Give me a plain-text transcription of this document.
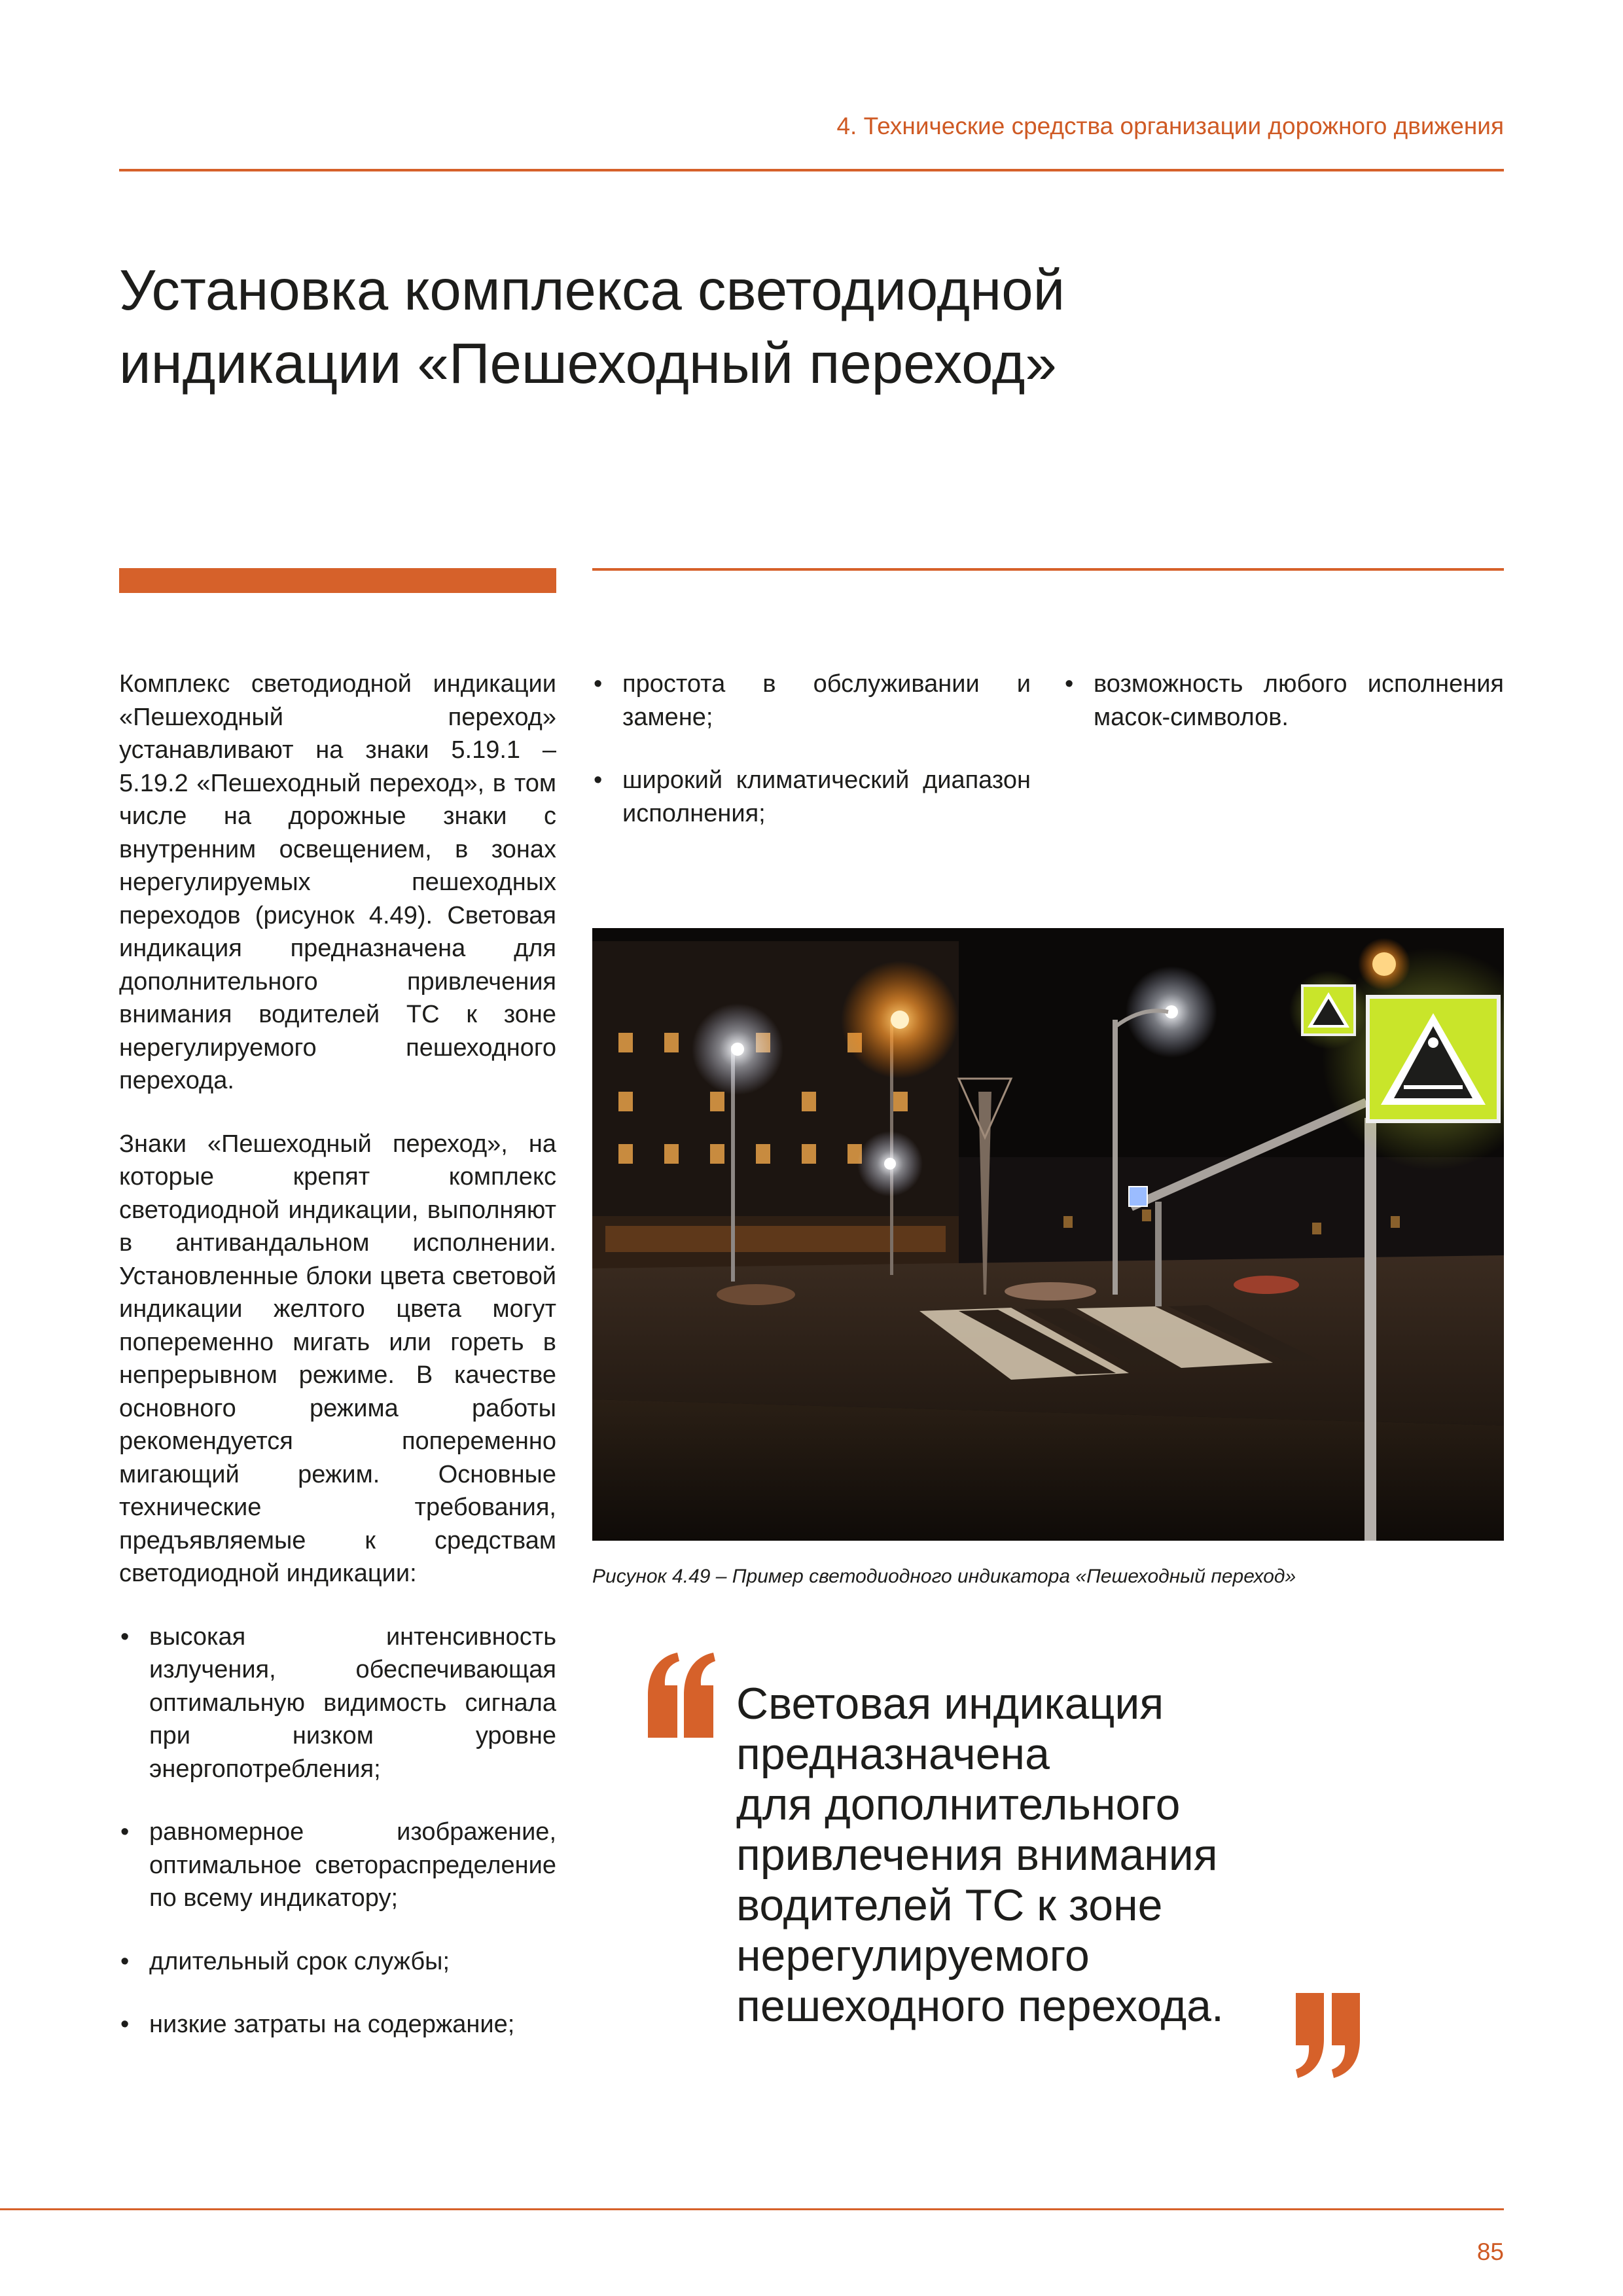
4. Технические средства организации дорожного движения
Установка комплекса светодиодной
индикации «Пешеходный переход»

Комплекс светодиодной индикации «Пешеходный переход» устанавливают на знаки 5.19.1 – 5.19.2 «Пешеходный переход», в том числе на дорожные знаки с внутренним освещением, в зонах нерегулируемых пешеходных переходов (рисунок 4.49). Световая индикация предназначена для дополнительного привлечения внимания водителей ТС к зоне нерегулируемого пешеходного перехода.

Знаки «Пешеходный переход», на которые крепят комплекс светодиодной индикации, выполняют в антивандальном исполнении. Установленные блоки цвета световой индикации желтого цвета могут попеременно мигать или гореть в непрерывном режиме. В качестве основного режима работы рекомендуется попеременно мигающий режим. Основные технические требования, предъявляемые к средствам светодиодной индикации:

• высокая интенсивность излучения, обеспечивающая оптимальную видимость сигнала при низком уровне энергопотребления;
• равномерное изображение, оптимальное светораспределение по всему индикатору;
• длительный срок службы;
• низкие затраты на содержание;
• простота в обслуживании и замене;
• широкий климатический диапазон исполнения;
• возможность любого исполнения масок-символов.
Рисунок 4.49 – Пример светодиодного индикатора «Пешеходный переход»
Световая индикация
предназначена
для дополнительного
привлечения внимания
водителей ТС к зоне
нерегулируемого
пешеходного перехода.
85
